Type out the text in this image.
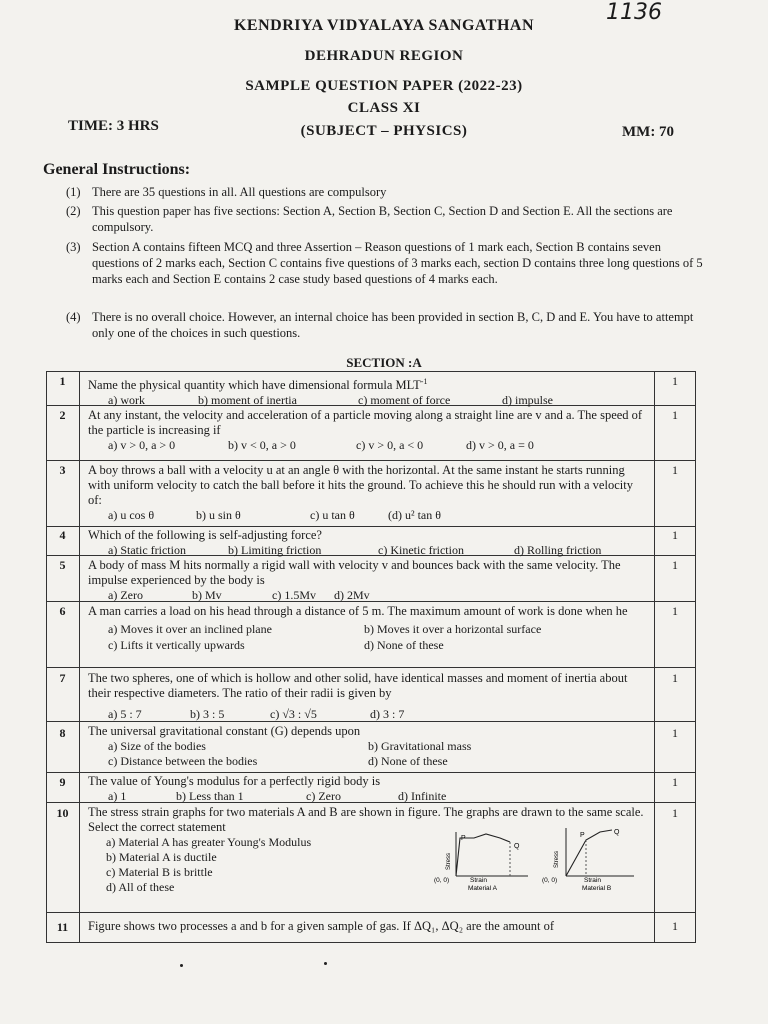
1136
KENDRIYA VIDYALAYA SANGATHAN
DEHRADUN REGION
SAMPLE QUESTION PAPER (2022-23)
CLASS XI
(SUBJECT – PHYSICS)
TIME: 3 HRS	MM: 70
General Instructions:
(1) There are 35 questions in all. All questions are compulsory
(2) This question paper has five sections: Section A, Section B, Section C, Section D and Section E. All the sections are compulsory.
(3) Section A contains fifteen MCQ and three Assertion – Reason questions of 1 mark each, Section B contains seven questions of 2 marks each, Section C contains five questions of 3 marks each, section D contains three long questions of 5 marks each and Section E contains 2 case study based questions of 4 marks each.
(4) There is no overall choice. However, an internal choice has been provided in section B, C, D and E. You have to attempt only one of the choices in such questions.
SECTION :A
1	1
Name the physical quantity which have dimensional formula $MLT^{-1}$
a) work	b) moment of inertia	c) moment of force	d) impulse
2	1
At any instant, the velocity and acceleration of a particle moving along a straight line are v and a. The speed of the particle is increasing if
a) v > 0, a > 0	b) v < 0, a > 0	c) v > 0, a < 0	d) v > 0, a = 0
3	1
A boy throws a ball with a velocity u at an angle θ with the horizontal. At the same instant he starts running with uniform velocity to catch the ball before it hits the ground. To achieve this he should run with a velocity of:
a) u cos θ	b) u sin θ	c) u tan θ	(d) u² tan θ
4	1
Which of the following is self-adjusting force?
a) Static friction	b) Limiting friction	c) Kinetic friction	d) Rolling friction
5	1
A body of mass M hits normally a rigid wall with velocity v and bounces back with the same velocity. The impulse experienced by the body is
a) Zero	b) Mv	c) 1.5Mv d) 2Mv
6	1
A man carries a load on his head through a distance of 5 m. The maximum amount of work is done when he
a) Moves it over an inclined plane	b) Moves it over a horizontal surface
c) Lifts it vertically upwards	d) None of these
7	1
The two spheres, one of which is hollow and other solid, have identical masses and moment of inertia about their respective diameters. The ratio of their radii is given by
a) 5 : 7	b) 3 : 5	c) √3 : √5	d) 3 : 7
8	1
The universal gravitational constant (G) depends upon
a) Size of the bodies	b) Gravitational mass
c) Distance between the bodies	d) None of these
9	1
The value of Young's modulus for a perfectly rigid body is
a) 1	b) Less than 1	c) Zero	d) Infinite
10	1
The stress strain graphs for two materials A and B are shown in figure. The graphs are drawn to the same scale. Select the correct statement
a) Material A has greater Young's Modulus
b) Material A is ductile
c) Material B is brittle
d) All of these
P
Q
Stress
(0, 0)	Strain
Material A
P	Q
Stress
(0, 0)	Strain
Material B
11	1
Figure shows two processes a and b for a given sample of gas. If ΔQ₁, ΔQ₂ are the amount of
